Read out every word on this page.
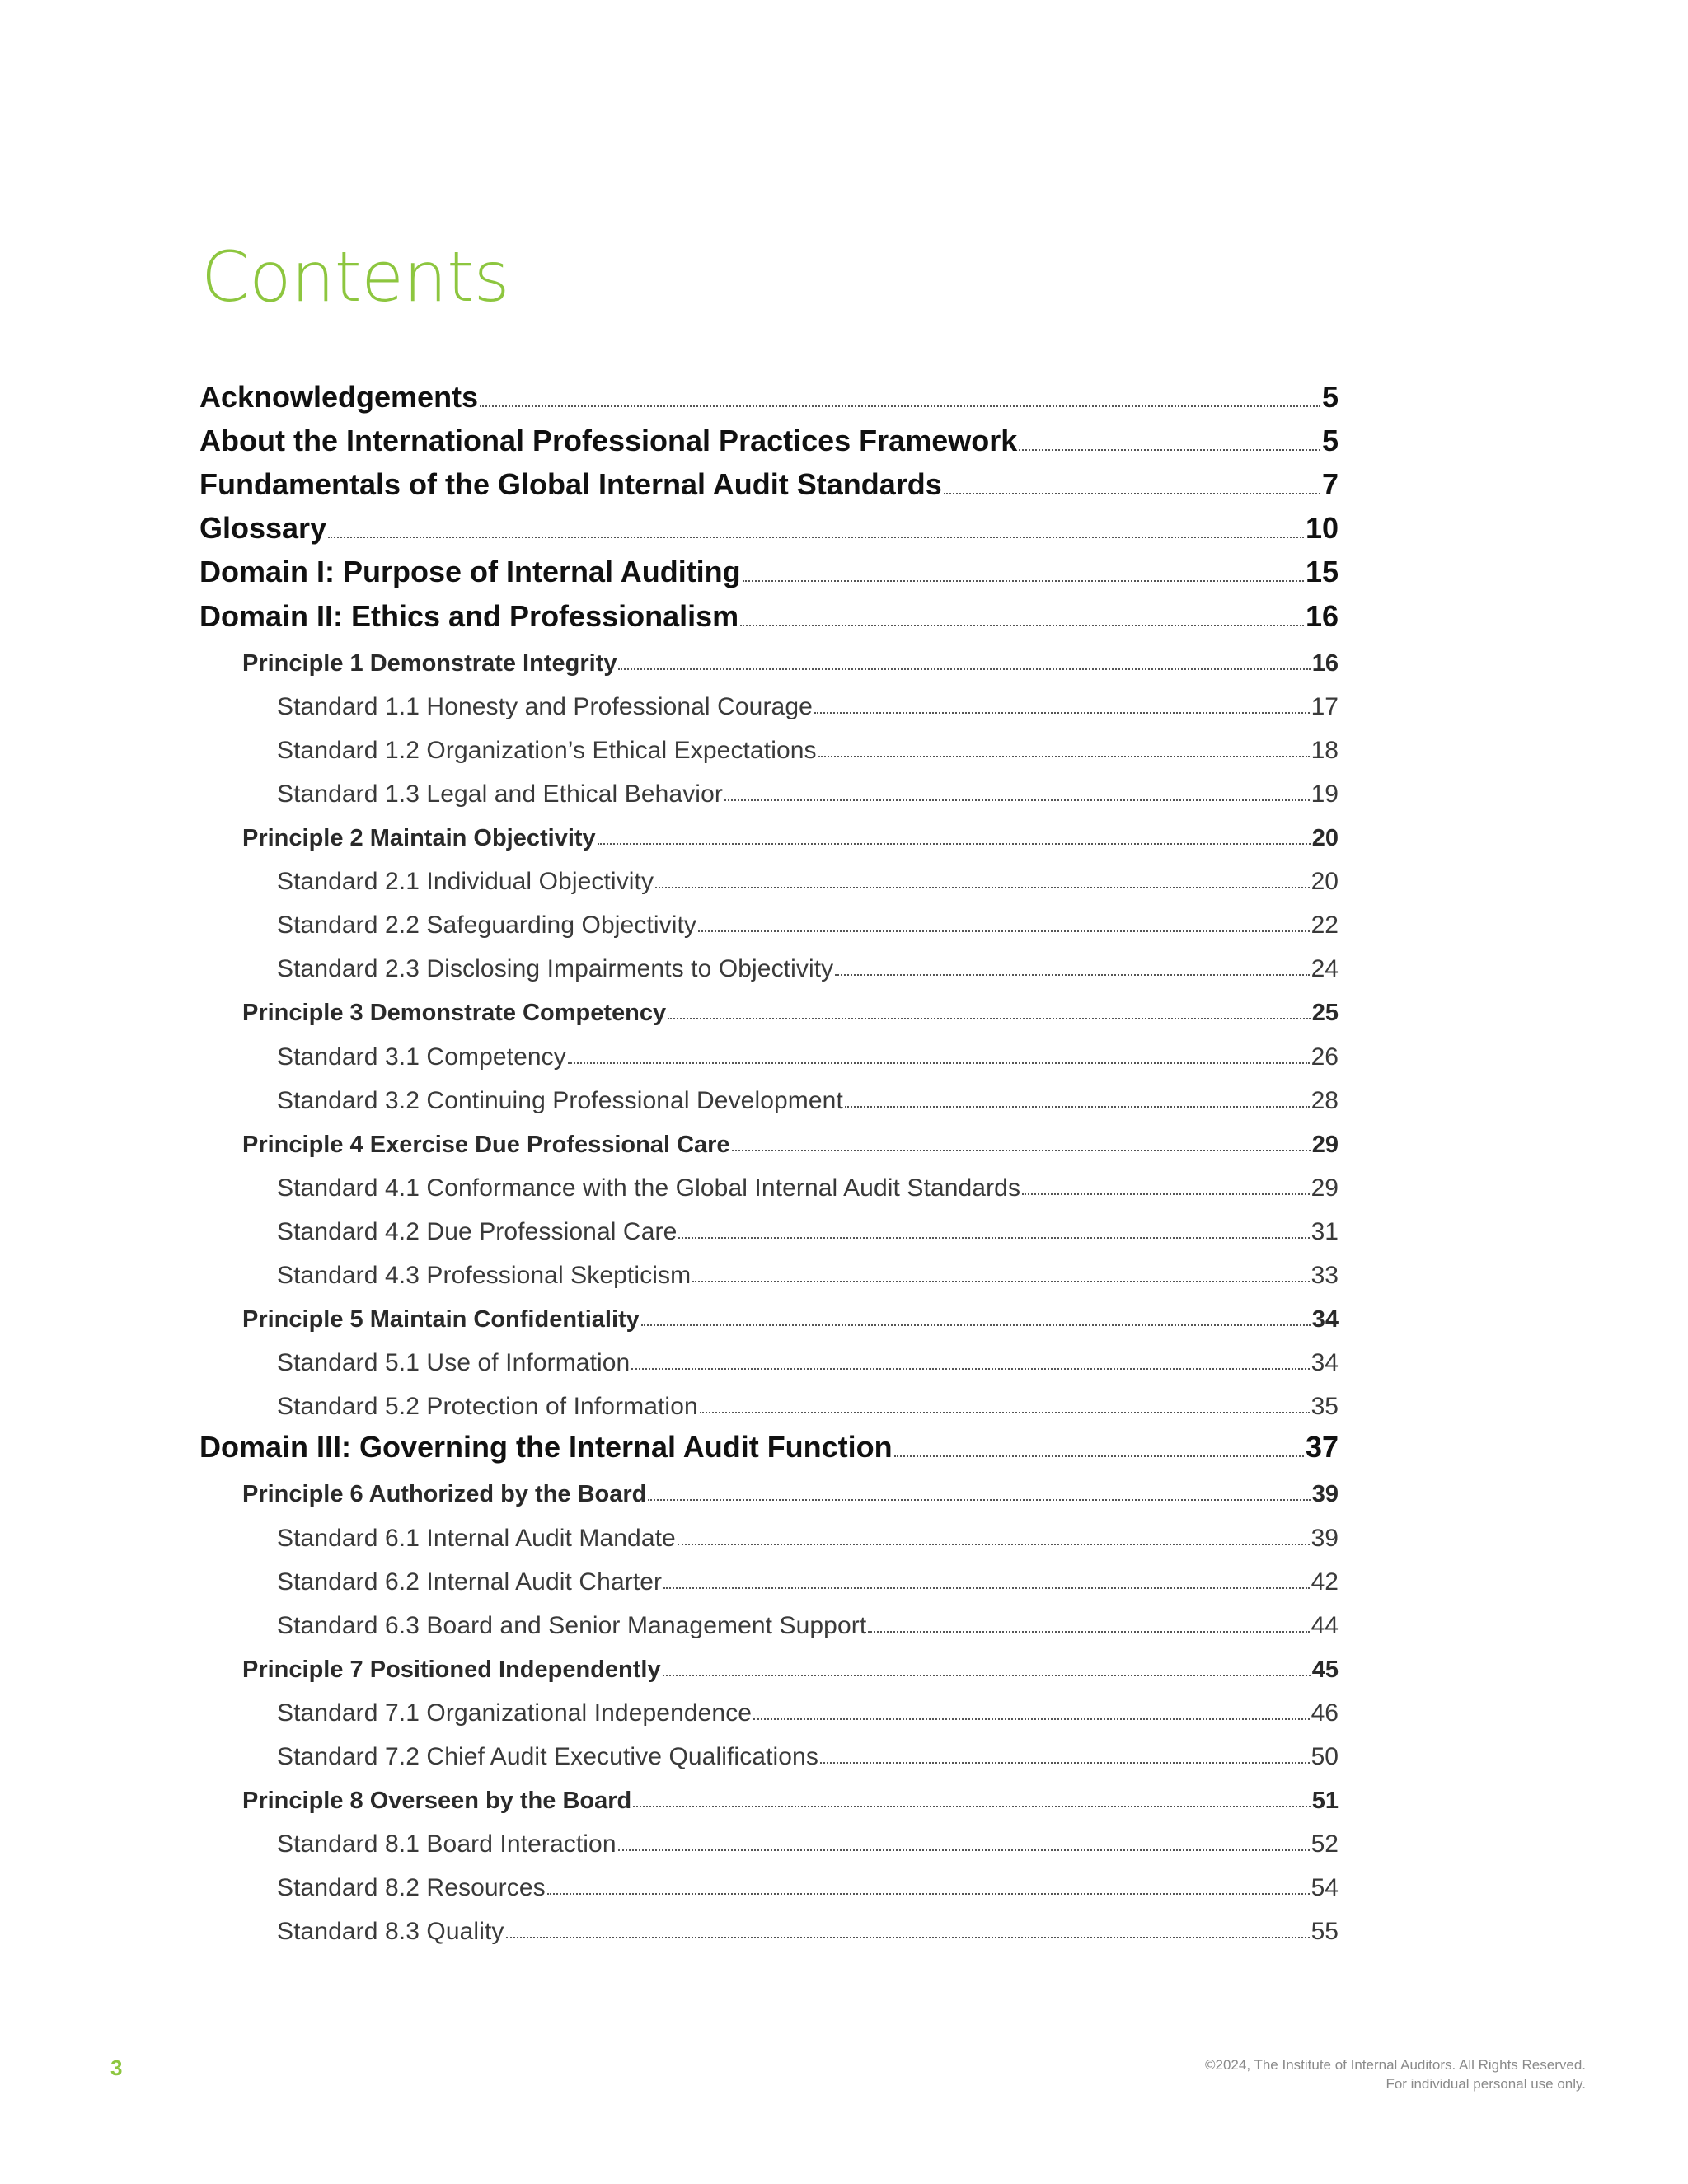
Contents
Acknowledgements	5
About the International Professional Practices Framework	5
Fundamentals of the Global Internal Audit Standards	7
Glossary	10
Domain I: Purpose of Internal Auditing	15
Domain II: Ethics and Professionalism	16
Principle 1 Demonstrate Integrity	16
Standard 1.1 Honesty and Professional Courage	17
Standard 1.2 Organization’s Ethical Expectations	18
Standard 1.3 Legal and Ethical Behavior	19
Principle 2 Maintain Objectivity	20
Standard 2.1 Individual Objectivity	20
Standard 2.2 Safeguarding Objectivity	22
Standard 2.3 Disclosing Impairments to Objectivity	24
Principle 3 Demonstrate Competency	25
Standard 3.1 Competency	26
Standard 3.2 Continuing Professional Development	28
Principle 4 Exercise Due Professional Care	29
Standard 4.1 Conformance with the Global Internal Audit Standards	29
Standard 4.2 Due Professional Care	31
Standard 4.3 Professional Skepticism	33
Principle 5 Maintain Confidentiality	34
Standard 5.1 Use of Information	34
Standard 5.2 Protection of Information	35
Domain III: Governing the Internal Audit Function	37
Principle 6 Authorized by the Board	39
Standard 6.1 Internal Audit Mandate	39
Standard 6.2 Internal Audit Charter	42
Standard 6.3 Board and Senior Management Support	44
Principle 7 Positioned Independently	45
Standard 7.1 Organizational Independence	46
Standard 7.2 Chief Audit Executive Qualifications	50
Principle 8 Overseen by the Board	51
Standard 8.1 Board Interaction	52
Standard 8.2 Resources	54
Standard 8.3 Quality	55
3	©2024, The Institute of Internal Auditors. All Rights Reserved.
For individual personal use only.
